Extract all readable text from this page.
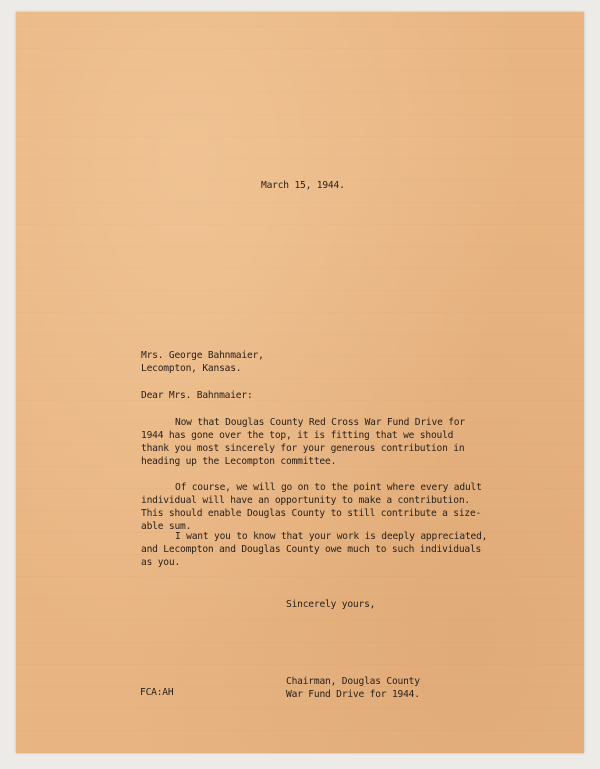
March 15, 1944.
Mrs. George Bahnmaier,
Lecompton, Kansas.
Dear Mrs. Bahnmaier:
Now that Douglas County Red Cross War Fund Drive for
1944 has gone over the top, it is fitting that we should
thank you most sincerely for your generous contribution in
heading up the Lecompton committee.
Of course, we will go on to the point where every adult
individual will have an opportunity to make a contribution.
This should enable Douglas County to still contribute a size-
able sum.
I want you to know that your work is deeply appreciated,
and Lecompton and Douglas County owe much to such individuals
as you.
Sincerely yours,
Chairman, Douglas County
War Fund Drive for 1944.
FCA:AH
